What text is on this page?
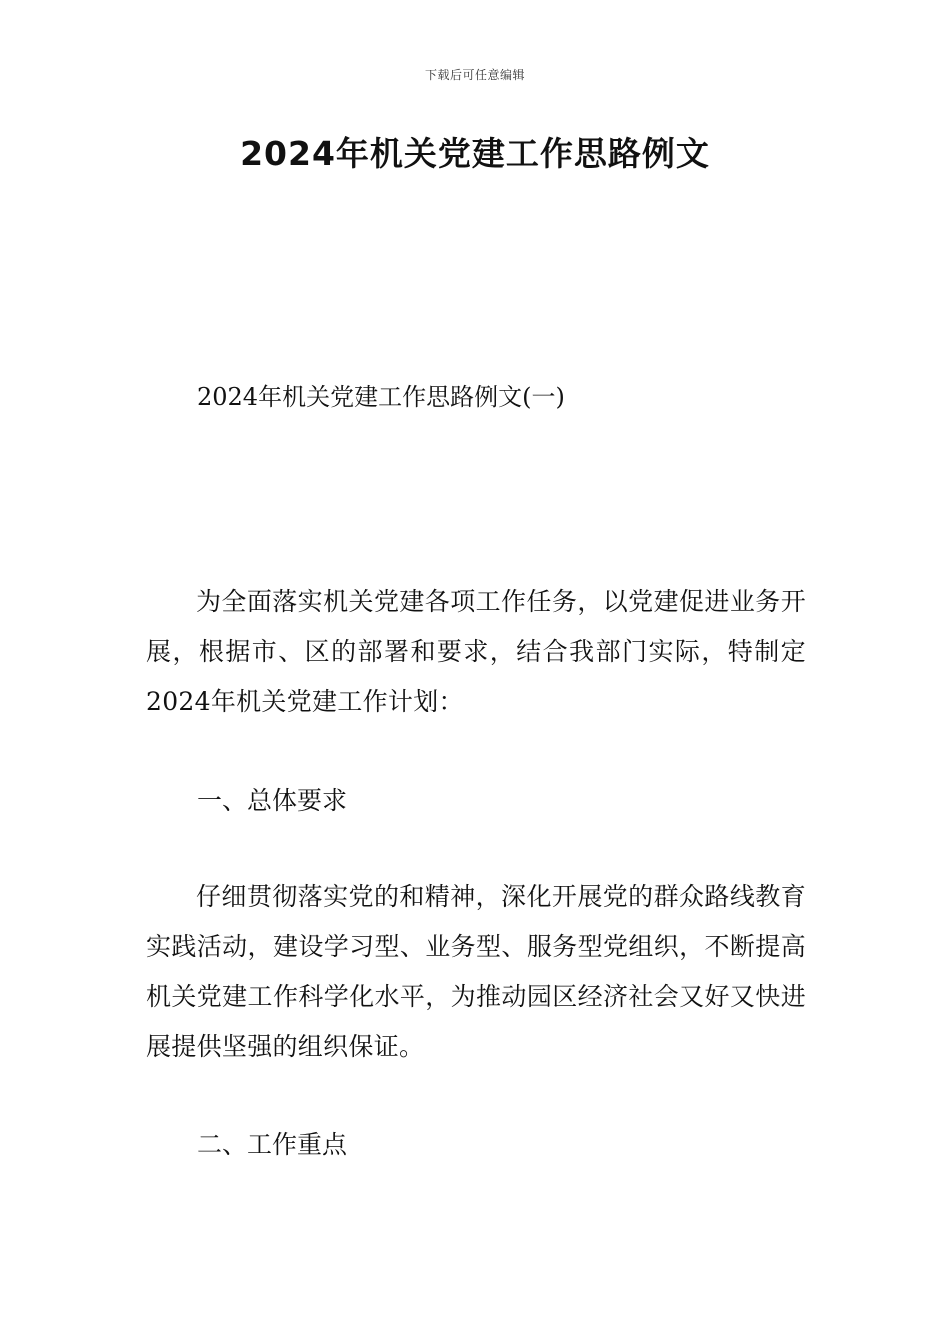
下载后可任意编辑
2024年机关党建工作思路例文
2024年机关党建工作思路例文(一)
为全面落实机关党建各项工作任务，以党建促进业务开展，根据市、区的部署和要求，结合我部门实际，特制定2024年机关党建工作计划：
一、总体要求
仔细贯彻落实党的和精神，深化开展党的群众路线教育实践活动，建设学习型、业务型、服务型党组织，不断提高机关党建工作科学化水平，为推动园区经济社会又好又快进展提供坚强的组织保证。
二、工作重点
